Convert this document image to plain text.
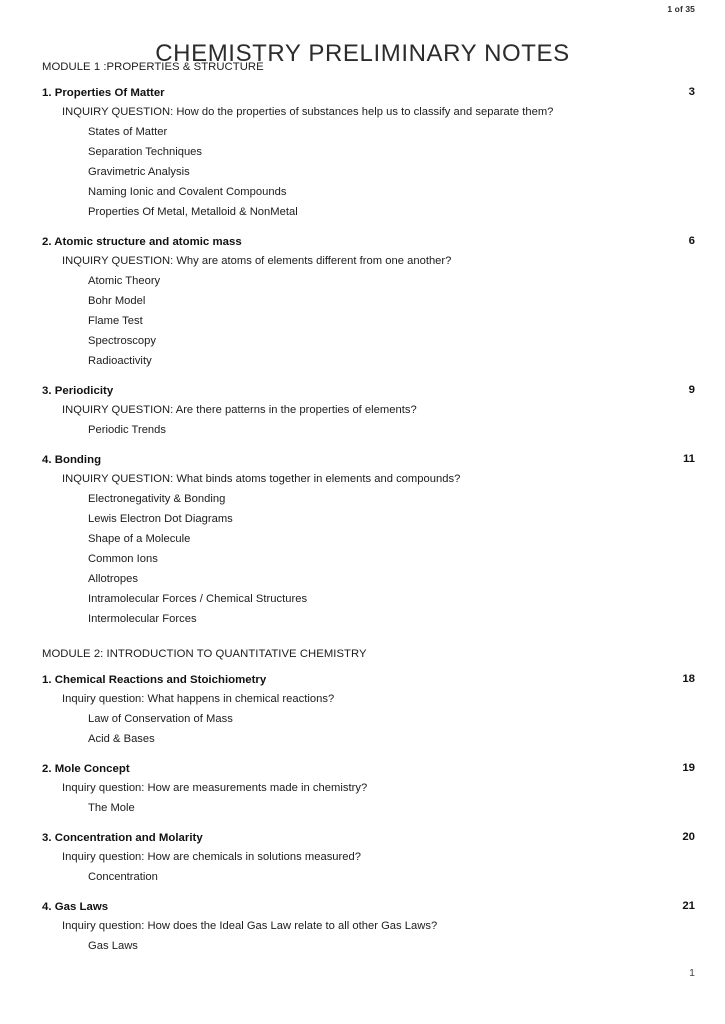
1 of 35
CHEMISTRY PRELIMINARY NOTES
MODULE 1 :PROPERTIES & STRUCTURE
1. Properties Of Matter	3
INQUIRY QUESTION: How do the properties of substances help us to classify and separate them?
States of Matter
Separation Techniques
Gravimetric Analysis
Naming Ionic and Covalent Compounds
Properties Of Metal, Metalloid & NonMetal
2. Atomic structure and atomic mass	6
INQUIRY QUESTION: Why are atoms of elements different from one another?
Atomic Theory
Bohr Model
Flame Test
Spectroscopy
Radioactivity
3. Periodicity	9
INQUIRY QUESTION: Are there patterns in the properties of elements?
Periodic Trends
4. Bonding	11
INQUIRY QUESTION: What binds atoms together in elements and compounds?
Electronegativity & Bonding
Lewis Electron Dot Diagrams
Shape of a Molecule
Common Ions
Allotropes
Intramolecular Forces / Chemical Structures
Intermolecular Forces
MODULE 2: INTRODUCTION TO QUANTITATIVE CHEMISTRY
1. Chemical Reactions and Stoichiometry	18
Inquiry question: What happens in chemical reactions?
Law of Conservation of Mass
Acid & Bases
2. Mole Concept	19
Inquiry question: How are measurements made in chemistry?
The Mole
3. Concentration and Molarity	20
Inquiry question: How are chemicals in solutions measured?
Concentration
4. Gas Laws	21
Inquiry question: How does the Ideal Gas Law relate to all other Gas Laws?
Gas Laws
1
